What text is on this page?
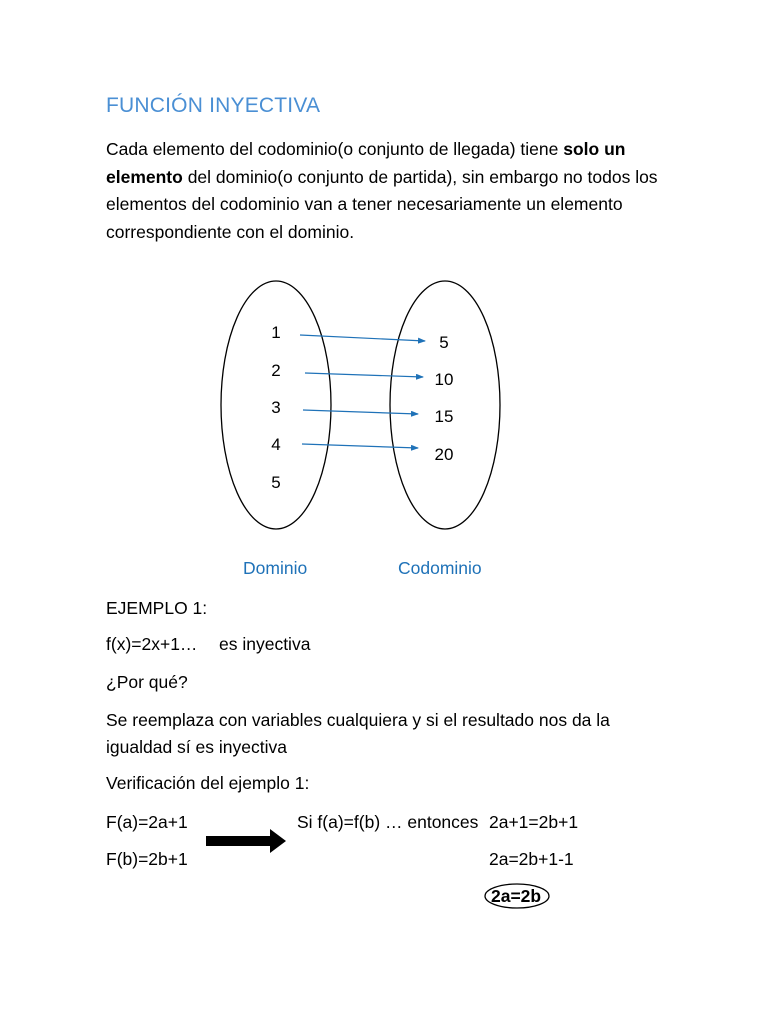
FUNCIÓN INYECTIVA
Cada elemento del codominio(o conjunto de llegada) tiene solo un elemento del dominio(o conjunto de partida), sin embargo no todos los elementos del codominio van a tener necesariamente un elemento correspondiente con el dominio.
1
2
3
4
5
5
10
15
20
Dominio	Codominio
EJEMPLO 1:
f(x)=2x+1… es inyectiva
¿Por qué?
Se reemplaza con variables cualquiera y si el resultado nos da la igualdad sí es inyectiva
Verificación del ejemplo 1:
F(a)=2a+1	Si f(a)=f(b) … entonces 2a+1=2b+1
F(b)=2b+1	2a=2b+1-1
2a=2b
